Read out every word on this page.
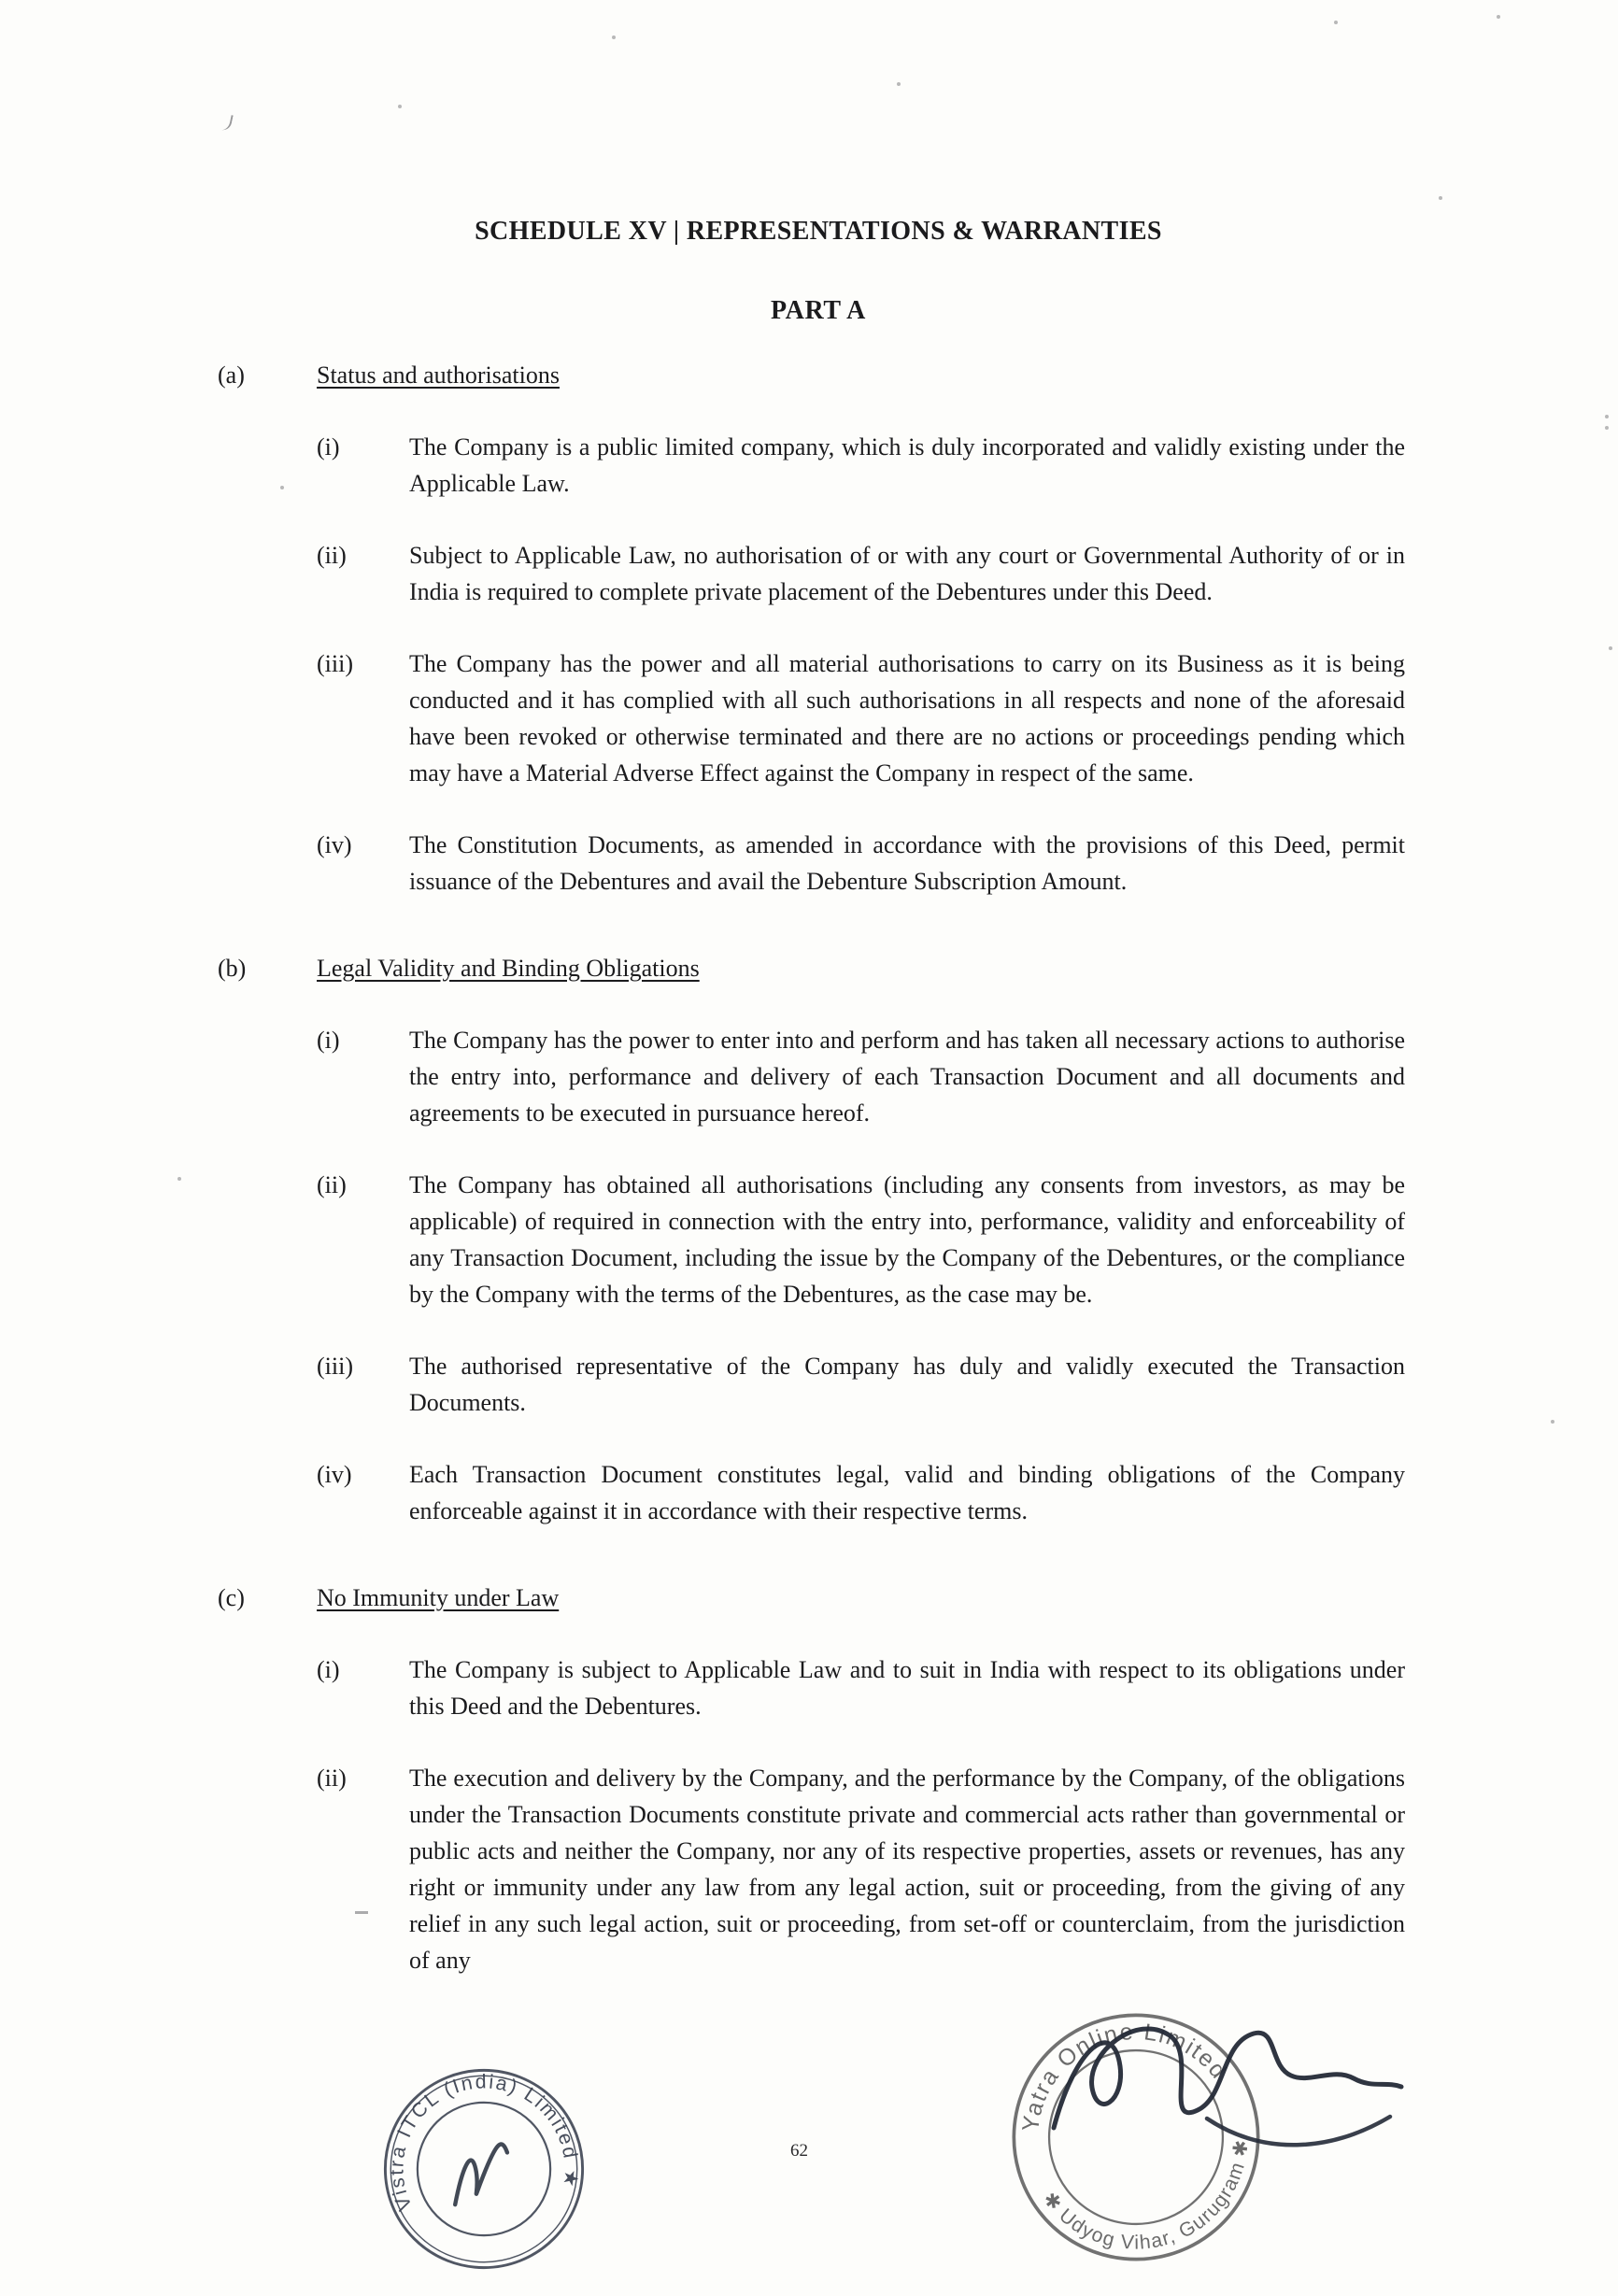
SCHEDULE XV | REPRESENTATIONS & WARRANTIES
PART A
(a)	Status and authorisations
(i)	The Company is a public limited company, which is duly incorporated and validly existing under the Applicable Law.

(ii)	Subject to Applicable Law, no authorisation of or with any court or Governmental Authority of or in India is required to complete private placement of the Debentures under this Deed.

(iii)	The Company has the power and all material authorisations to carry on its Business as it is being conducted and it has complied with all such authorisations in all respects and none of the aforesaid have been revoked or otherwise terminated and there are no actions or proceedings pending which may have a Material Adverse Effect against the Company in respect of the same.

(iv)	The Constitution Documents, as amended in accordance with the provisions of this Deed, permit issuance of the Debentures and avail the Debenture Subscription Amount.

(b)	Legal Validity and Binding Obligations
(i)	The Company has the power to enter into and perform and has taken all necessary actions to authorise the entry into, performance and delivery of each Transaction Document and all documents and agreements to be executed in pursuance hereof.

(ii)	The Company has obtained all authorisations (including any consents from investors, as may be applicable) of required in connection with the entry into, performance, validity and enforceability of any Transaction Document, including the issue by the Company of the Debentures, or the compliance by the Company with the terms of the Debentures, as the case may be.

(iii)	The authorised representative of the Company has duly and validly executed the Transaction Documents.

(iv)	Each Transaction Document constitutes legal, valid and binding obligations of the Company enforceable against it in accordance with their respective terms.

(c)	No Immunity under Law
(i)	The Company is subject to Applicable Law and to suit in India with respect to its obligations under this Deed and the Debentures.

(ii)	The execution and delivery by the Company, and the performance by the Company, of the obligations under the Transaction Documents constitute private and commercial acts rather than governmental or public acts and neither the Company, nor any of its respective properties, assets or revenues, has any right or immunity under any law from any legal action, suit or proceeding, from the giving of any relief in any such legal action, suit or proceeding, from set-off or counterclaim, from the jurisdiction of any

62
Vistra ITCL (India) Limited ★
Yatra Online Limited
✱ Udyog Vihar, Gurugram ✱
